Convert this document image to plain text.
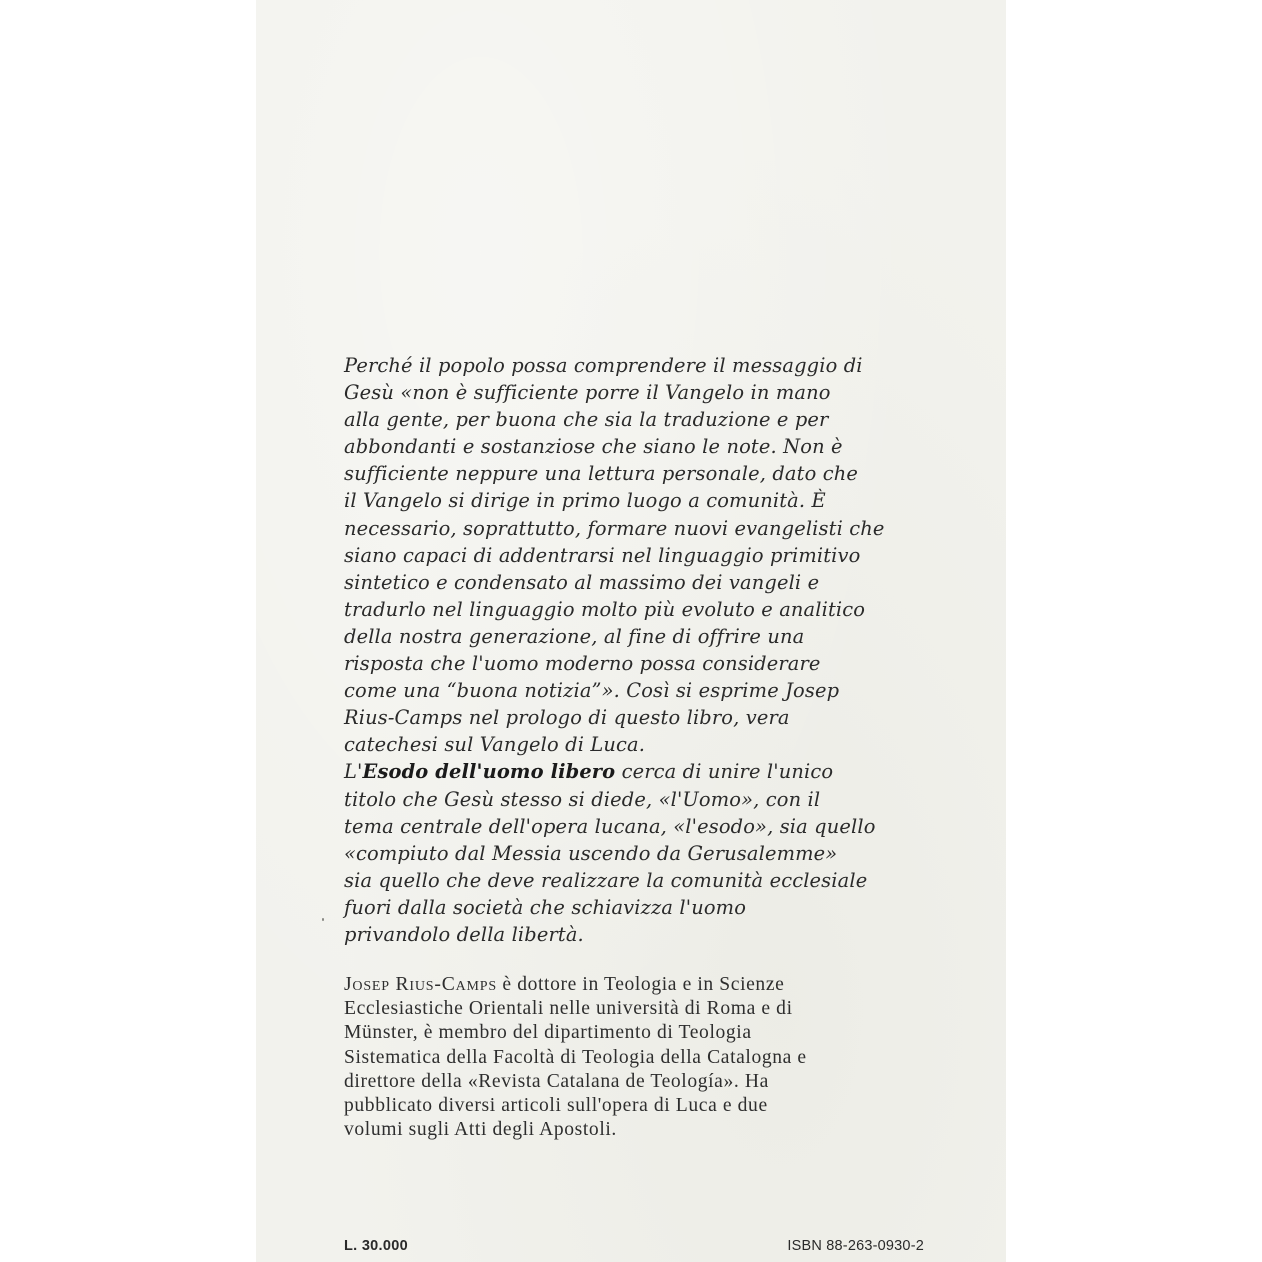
Perché il popolo possa comprendere il messaggio di
Gesù «non è sufficiente porre il Vangelo in mano
alla gente, per buona che sia la traduzione e per
abbondanti e sostanziose che siano le note. Non è
sufficiente neppure una lettura personale, dato che
il Vangelo si dirige in primo luogo a comunità. È
necessario, soprattutto, formare nuovi evangelisti che
siano capaci di addentrarsi nel linguaggio primitivo
sintetico e condensato al massimo dei vangeli e
tradurlo nel linguaggio molto più evoluto e analitico
della nostra generazione, al fine di offrire una
risposta che l'uomo moderno possa considerare
come una “buona notizia”». Così si esprime Josep
Rius-Camps nel prologo di questo libro, vera
catechesi sul Vangelo di Luca.
L'Esodo dell'uomo libero cerca di unire l'unico
titolo che Gesù stesso si diede, «l'Uomo», con il
tema centrale dell'opera lucana, «l'esodo», sia quello
«compiuto dal Messia uscendo da Gerusalemme»
sia quello che deve realizzare la comunità ecclesiale
fuori dalla società che schiavizza l'uomo
privandolo della libertà.
Josep Rius-Camps è dottore in Teologia e in Scienze
Ecclesiastiche Orientali nelle università di Roma e di
Münster, è membro del dipartimento di Teologia
Sistematica della Facoltà di Teologia della Catalogna e
direttore della «Revista Catalana de Teología». Ha
pubblicato diversi articoli sull'opera di Luca e due
volumi sugli Atti degli Apostoli.
L. 30.000	ISBN 88-263-0930-2
